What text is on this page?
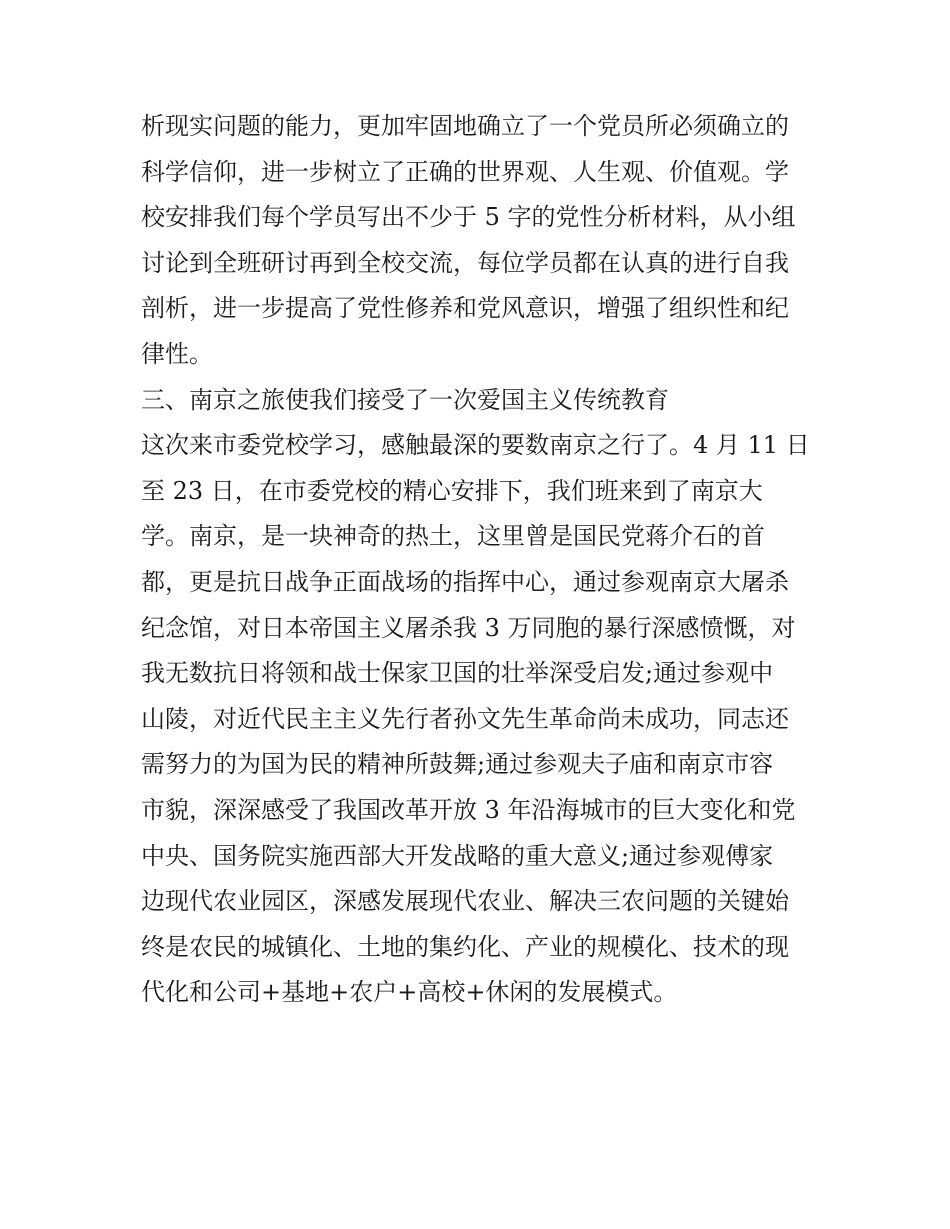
析现实问题的能力，更加牢固地确立了一个党员所必须确立的
科学信仰，进一步树立了正确的世界观、人生观、价值观。学
校安排我们每个学员写出不少于 5 字的党性分析材料，从小组
讨论到全班研讨再到全校交流，每位学员都在认真的进行自我
剖析，进一步提高了党性修养和党风意识，增强了组织性和纪
律性。
三、南京之旅使我们接受了一次爱国主义传统教育
这次来市委党校学习，感触最深的要数南京之行了。4 月 11 日
至 23 日，在市委党校的精心安排下，我们班来到了南京大
学。南京，是一块神奇的热土，这里曾是国民党蒋介石的首
都，更是抗日战争正面战场的指挥中心，通过参观南京大屠杀
纪念馆，对日本帝国主义屠杀我 3 万同胞的暴行深感愤慨，对
我无数抗日将领和战士保家卫国的壮举深受启发;通过参观中
山陵，对近代民主主义先行者孙文先生革命尚未成功，同志还
需努力的为国为民的精神所鼓舞;通过参观夫子庙和南京市容
市貌，深深感受了我国改革开放 3 年沿海城市的巨大变化和党
中央、国务院实施西部大开发战略的重大意义;通过参观傅家
边现代农业园区，深感发展现代农业、解决三农问题的关键始
终是农民的城镇化、土地的集约化、产业的规模化、技术的现
代化和公司+基地+农户+高校+休闲的发展模式。
